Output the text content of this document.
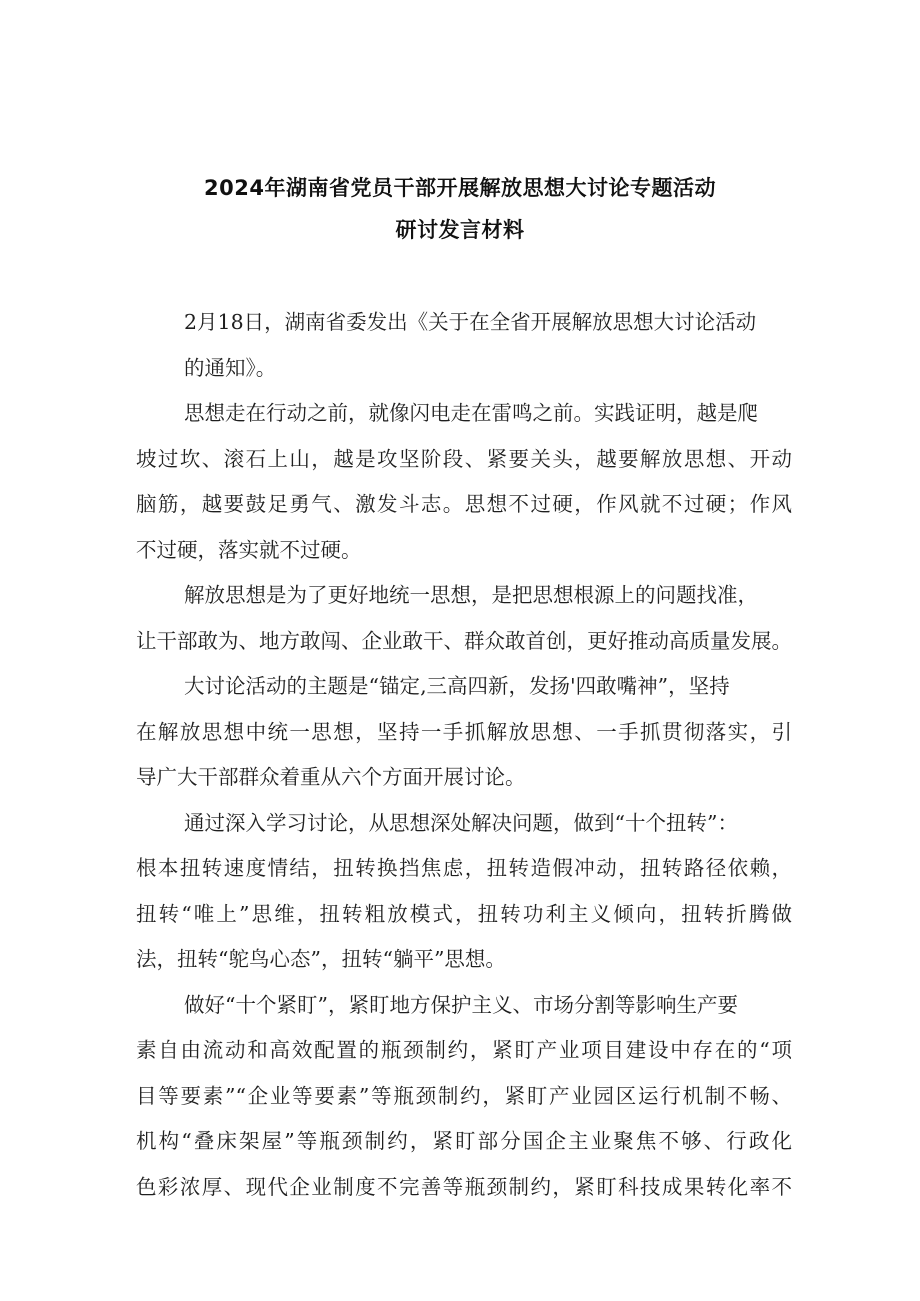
2024年湖南省党员干部开展解放思想大讨论专题活动
研讨发言材料
2月18日，湖南省委发出《关于在全省开展解放思想大讨论活动
的通知》。
思想走在行动之前，就像闪电走在雷鸣之前。实践证明，越是爬
坡过坎、滚石上山，越是攻坚阶段、紧要关头，越要解放思想、开动
脑筋，越要鼓足勇气、激发斗志。思想不过硬，作风就不过硬；作风
不过硬，落实就不过硬。
解放思想是为了更好地统一思想，是把思想根源上的问题找准，
让干部敢为、地方敢闯、企业敢干、群众敢首创，更好推动高质量发展。
大讨论活动的主题是“锚定‚三高四新，发扬'四敢嘴神”，坚持
在解放思想中统一思想，坚持一手抓解放思想、一手抓贯彻落实，引
导广大干部群众着重从六个方面开展讨论。
通过深入学习讨论，从思想深处解决问题，做到“十个扭转”：
根本扭转速度情结，扭转换挡焦虑，扭转造假冲动，扭转路径依赖，
扭转“唯上”思维，扭转粗放模式，扭转功利主义倾向，扭转折腾做
法，扭转“鸵鸟心态”，扭转“躺平”思想。
做好“十个紧盯”，紧盯地方保护主义、市场分割等影响生产要
素自由流动和高效配置的瓶颈制约，紧盯产业项目建设中存在的“项
目等要素”“企业等要素”等瓶颈制约，紧盯产业园区运行机制不畅、
机构“叠床架屋”等瓶颈制约，紧盯部分国企主业聚焦不够、行政化
色彩浓厚、现代企业制度不完善等瓶颈制约，紧盯科技成果转化率不
